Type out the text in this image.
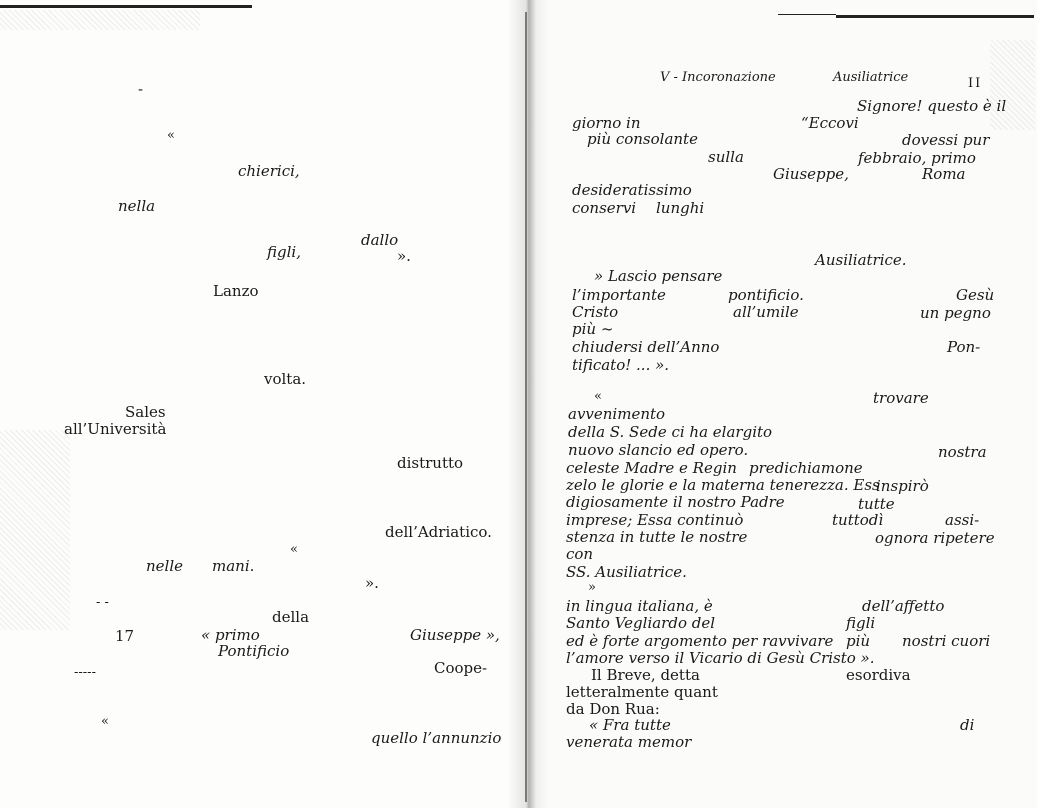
-
«
chierici,
nella
dallo
figli,	».
Lanzo
volta.
Sales
all’Università
distrutto
dell’Adriatico.
«
nelle mani.
».
- -
della
17	« primo	Giuseppe »,
Pontificio
Coope-
-----
«
quello l’annunzio
V - Incoronazione	Ausiliatrice	II
Signore! questo è il
giorno in	“Eccovi
più consolante	dovessi pur
sulla	febbraio, primo
Giuseppe,	Roma
desideratissimo
conservi lunghi
Ausiliatrice.
» Lascio pensare
l’importante	pontificio.	Gesù
Cristo	all’umile	un pegno
più ~
chiudersi dell’Anno	Pon-
tificato! ... ».
«	trovare
avvenimento
della S. Sede ci ha elargito
nuovo slancio ed opero.	nostra
celeste Madre e Regin predichiamone
zelo le glorie e la materna tenerezza. Ess
inspirò
digiosamente il nostro Padre	tutte
imprese; Essa continuò	tuttodì	assi-
stenza in tutte le nostre	ognora ripetere
con
SS. Ausiliatrice.
»
in lingua italiana, è	dell’affetto
Santo Vegliardo del	figli
ed è forte argomento per ravvivare più nostri cuori
l’amore verso il Vicario di Gesù Cristo ».
Il Breve, detta	esordiva
letteralmente quant
da Don Rua:
« Fra tutte	di
venerata memor
